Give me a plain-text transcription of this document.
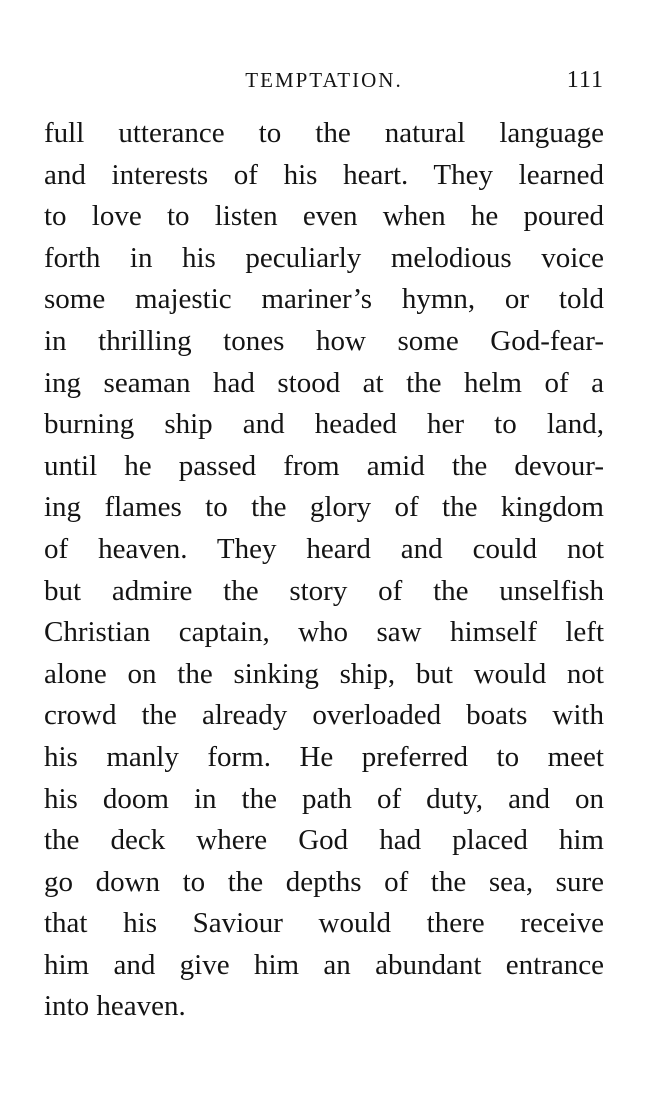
TEMPTATION.	111
full utterance to the natural language
and interests of his heart. They learned
to love to listen even when he poured
forth in his peculiarly melodious voice
some majestic mariner’s hymn, or told
in thrilling tones how some God-fear-
ing seaman had stood at the helm of a
burning ship and headed her to land,
until he passed from amid the devour-
ing flames to the glory of the kingdom
of heaven. They heard and could not
but admire the story of the unselfish
Christian captain, who saw himself left
alone on the sinking ship, but would not
crowd the already overloaded boats with
his manly form. He preferred to meet
his doom in the path of duty, and on
the deck where God had placed him
go down to the depths of the sea, sure
that his Saviour would there receive
him and give him an abundant entrance
into heaven.
